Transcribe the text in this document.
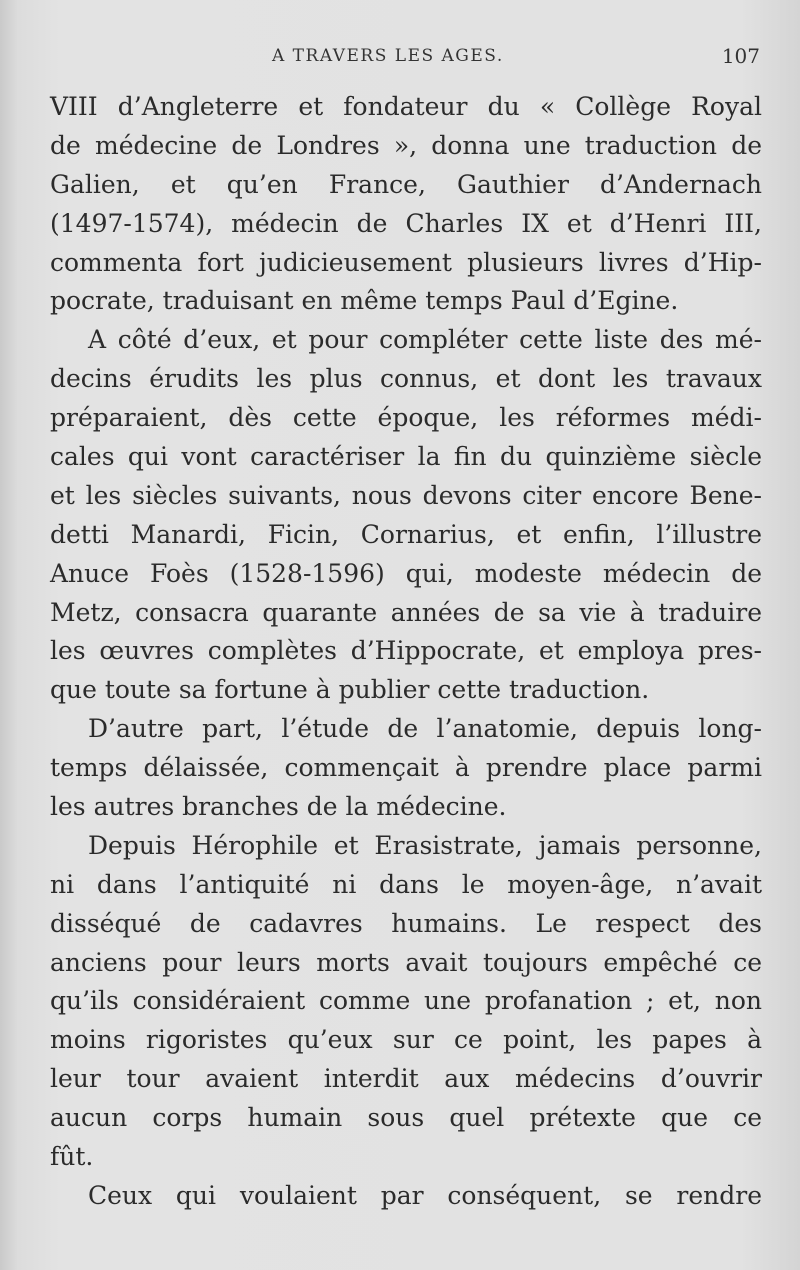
A TRAVERS LES AGES.	107

VIII d’Angleterre et fondateur du « Collège Royal
de médecine de Londres », donna une traduction de
Galien, et qu’en France, Gauthier d’Andernach
(1497-1574), médecin de Charles IX et d’Henri III,
commenta fort judicieusement plusieurs livres d’Hip-
pocrate, traduisant en même temps Paul d’Egine.

A côté d’eux, et pour compléter cette liste des mé-
decins érudits les plus connus, et dont les travaux
préparaient, dès cette époque, les réformes médi-
cales qui vont caractériser la fin du quinzième siècle
et les siècles suivants, nous devons citer encore Bene-
detti Manardi, Ficin, Cornarius, et enfin, l’illustre
Anuce Foès (1528-1596) qui, modeste médecin de
Metz, consacra quarante années de sa vie à traduire
les œuvres complètes d’Hippocrate, et employa pres-
que toute sa fortune à publier cette traduction.

D’autre part, l’étude de l’anatomie, depuis long-
temps délaissée, commençait à prendre place parmi
les autres branches de la médecine.

Depuis Hérophile et Erasistrate, jamais personne,
ni dans l’antiquité ni dans le moyen-âge, n’avait
disséqué de cadavres humains. Le respect des
anciens pour leurs morts avait toujours empêché ce
qu’ils considéraient comme une profanation ; et, non
moins rigoristes qu’eux sur ce point, les papes à
leur tour avaient interdit aux médecins d’ouvrir
aucun corps humain sous quel prétexte que ce
fût.

Ceux qui voulaient par conséquent, se rendre
